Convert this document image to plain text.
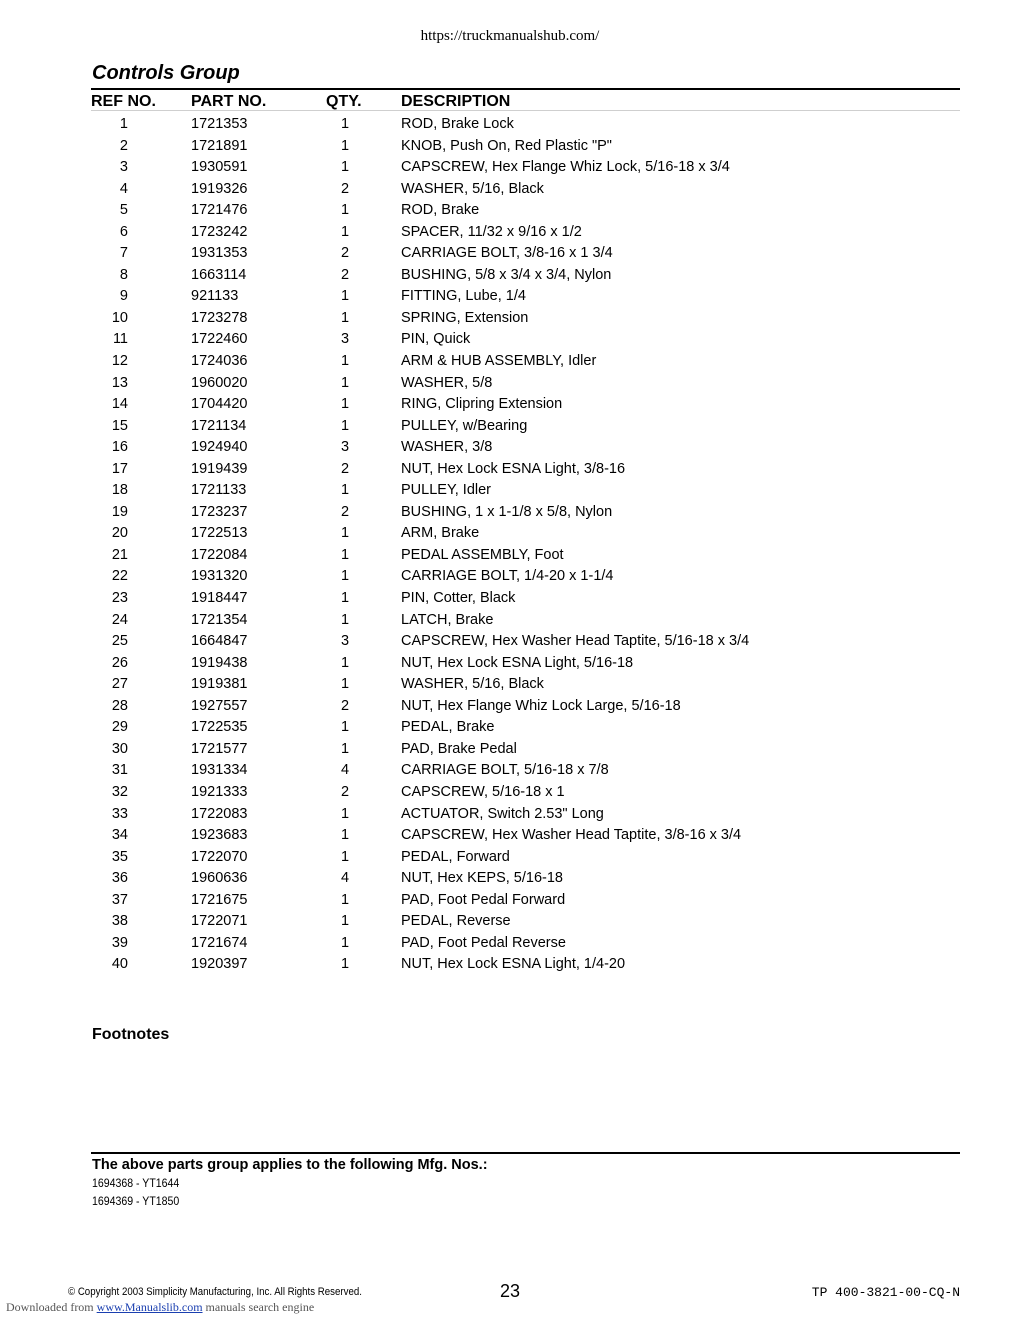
https://truckmanualshub.com/
Controls Group
REF NO. PART NO.	QTY. DESCRIPTION
1	1721353	1	ROD, Brake Lock
2	1721891	1	KNOB, Push On, Red Plastic "P"
3	1930591	1	CAPSCREW, Hex Flange Whiz Lock, 5/16-18 x 3/4
4	1919326	2	WASHER, 5/16, Black
5	1721476	1	ROD, Brake
6	1723242	1	SPACER, 11/32 x 9/16 x 1/2
7	1931353	2	CARRIAGE BOLT, 3/8-16 x 1 3/4
8	1663114	2	BUSHING, 5/8 x 3/4 x 3/4, Nylon
9	921133	1	FITTING, Lube, 1/4
10	1723278	1	SPRING, Extension
11	1722460	3	PIN, Quick
12	1724036	1	ARM & HUB ASSEMBLY, Idler
13	1960020	1	WASHER, 5/8
14	1704420	1	RING, Clipring Extension
15	1721134	1	PULLEY, w/Bearing
16	1924940	3	WASHER, 3/8
17	1919439	2	NUT, Hex Lock ESNA Light, 3/8-16
18	1721133	1	PULLEY, Idler
19	1723237	2	BUSHING, 1 x 1-1/8 x 5/8, Nylon
20	1722513	1	ARM, Brake
21	1722084	1	PEDAL ASSEMBLY, Foot
22	1931320	1	CARRIAGE BOLT, 1/4-20 x 1-1/4
23	1918447	1	PIN, Cotter, Black
24	1721354	1	LATCH, Brake
25	1664847	3	CAPSCREW, Hex Washer Head Taptite, 5/16-18 x 3/4
26	1919438	1	NUT, Hex Lock ESNA Light, 5/16-18
27	1919381	1	WASHER, 5/16, Black
28	1927557	2	NUT, Hex Flange Whiz Lock Large, 5/16-18
29	1722535	1	PEDAL, Brake
30	1721577	1	PAD, Brake Pedal
31	1931334	4	CARRIAGE BOLT, 5/16-18 x 7/8
32	1921333	2	CAPSCREW, 5/16-18 x 1
33	1722083	1	ACTUATOR, Switch 2.53" Long
34	1923683	1	CAPSCREW, Hex Washer Head Taptite, 3/8-16 x 3/4
35	1722070	1	PEDAL, Forward
36	1960636	4	NUT, Hex KEPS, 5/16-18
37	1721675	1	PAD, Foot Pedal Forward
38	1722071	1	PEDAL, Reverse
39	1721674	1	PAD, Foot Pedal Reverse
40	1920397	1	NUT, Hex Lock ESNA Light, 1/4-20
Footnotes
The above parts group applies to the following Mfg. Nos.:
1694368 - YT1644
1694369 - YT1850
© Copyright 2003 Simplicity Manufacturing, Inc. All Rights Reserved.	23	TP 400-3821-00-CQ-N
Downloaded from www.Manualslib.com manuals search engine
